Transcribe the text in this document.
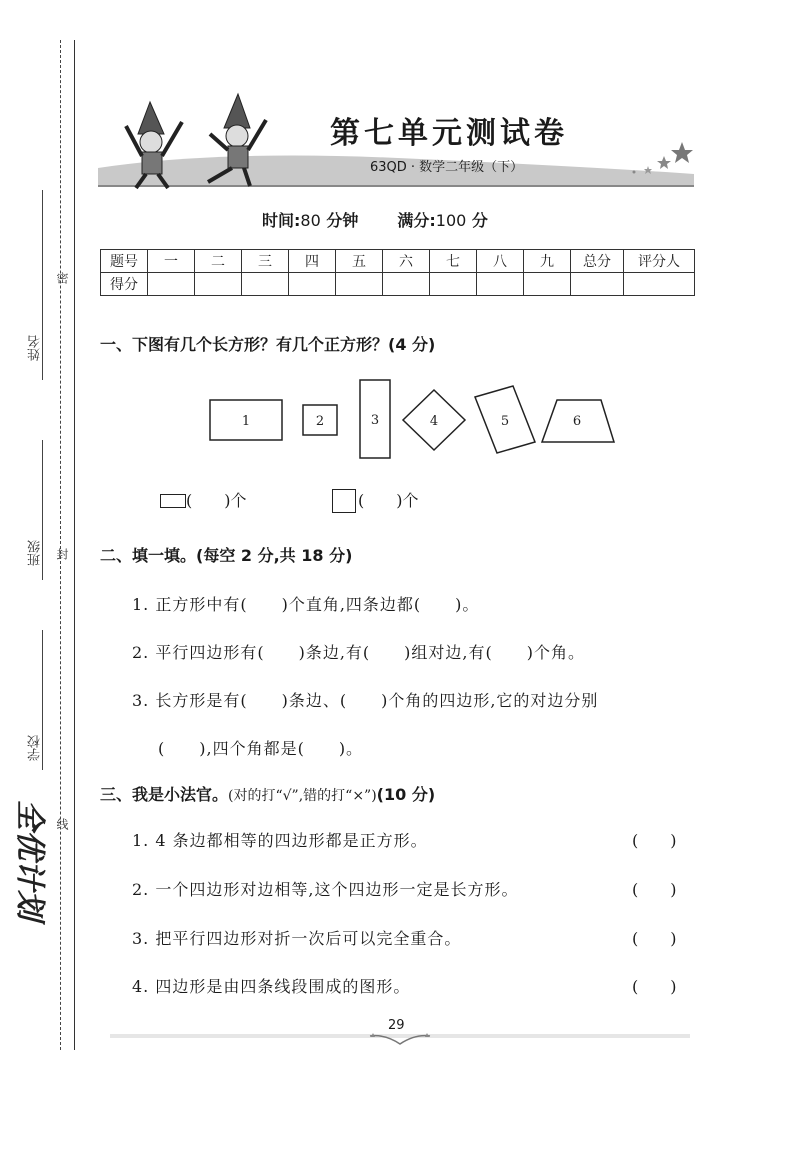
密
封
线
姓名
班级
学校
全优计划
第七单元测试卷
63QD · 数学二年级（下）
时间:80 分钟 满分:100 分
题号	一	二	三	四	五	六	七	八	九	总分	评分人
得分											
一、下图有几个长方形？有几个正方形？(4 分)
1	2	3	4	5	6
(　　)个	(　　)个
二、填一填。(每空 2 分,共 18 分)
1. 正方形中有(　　)个直角,四条边都(　　)。
2. 平行四边形有(　　)条边,有(　　)组对边,有(　　)个角。
3. 长方形是有(　　)条边、(　　)个角的四边形,它的对边分别
(　　),四个角都是(　　)。
三、我是小法官。(对的打“√”,错的打“×”)(10 分)
1. 4 条边都相等的四边形都是正方形。	(　　)
2. 一个四边形对边相等,这个四边形一定是长方形。	(　　)
3. 把平行四边形对折一次后可以完全重合。	(　　)
4. 四边形是由四条线段围成的图形。	(　　)
29
